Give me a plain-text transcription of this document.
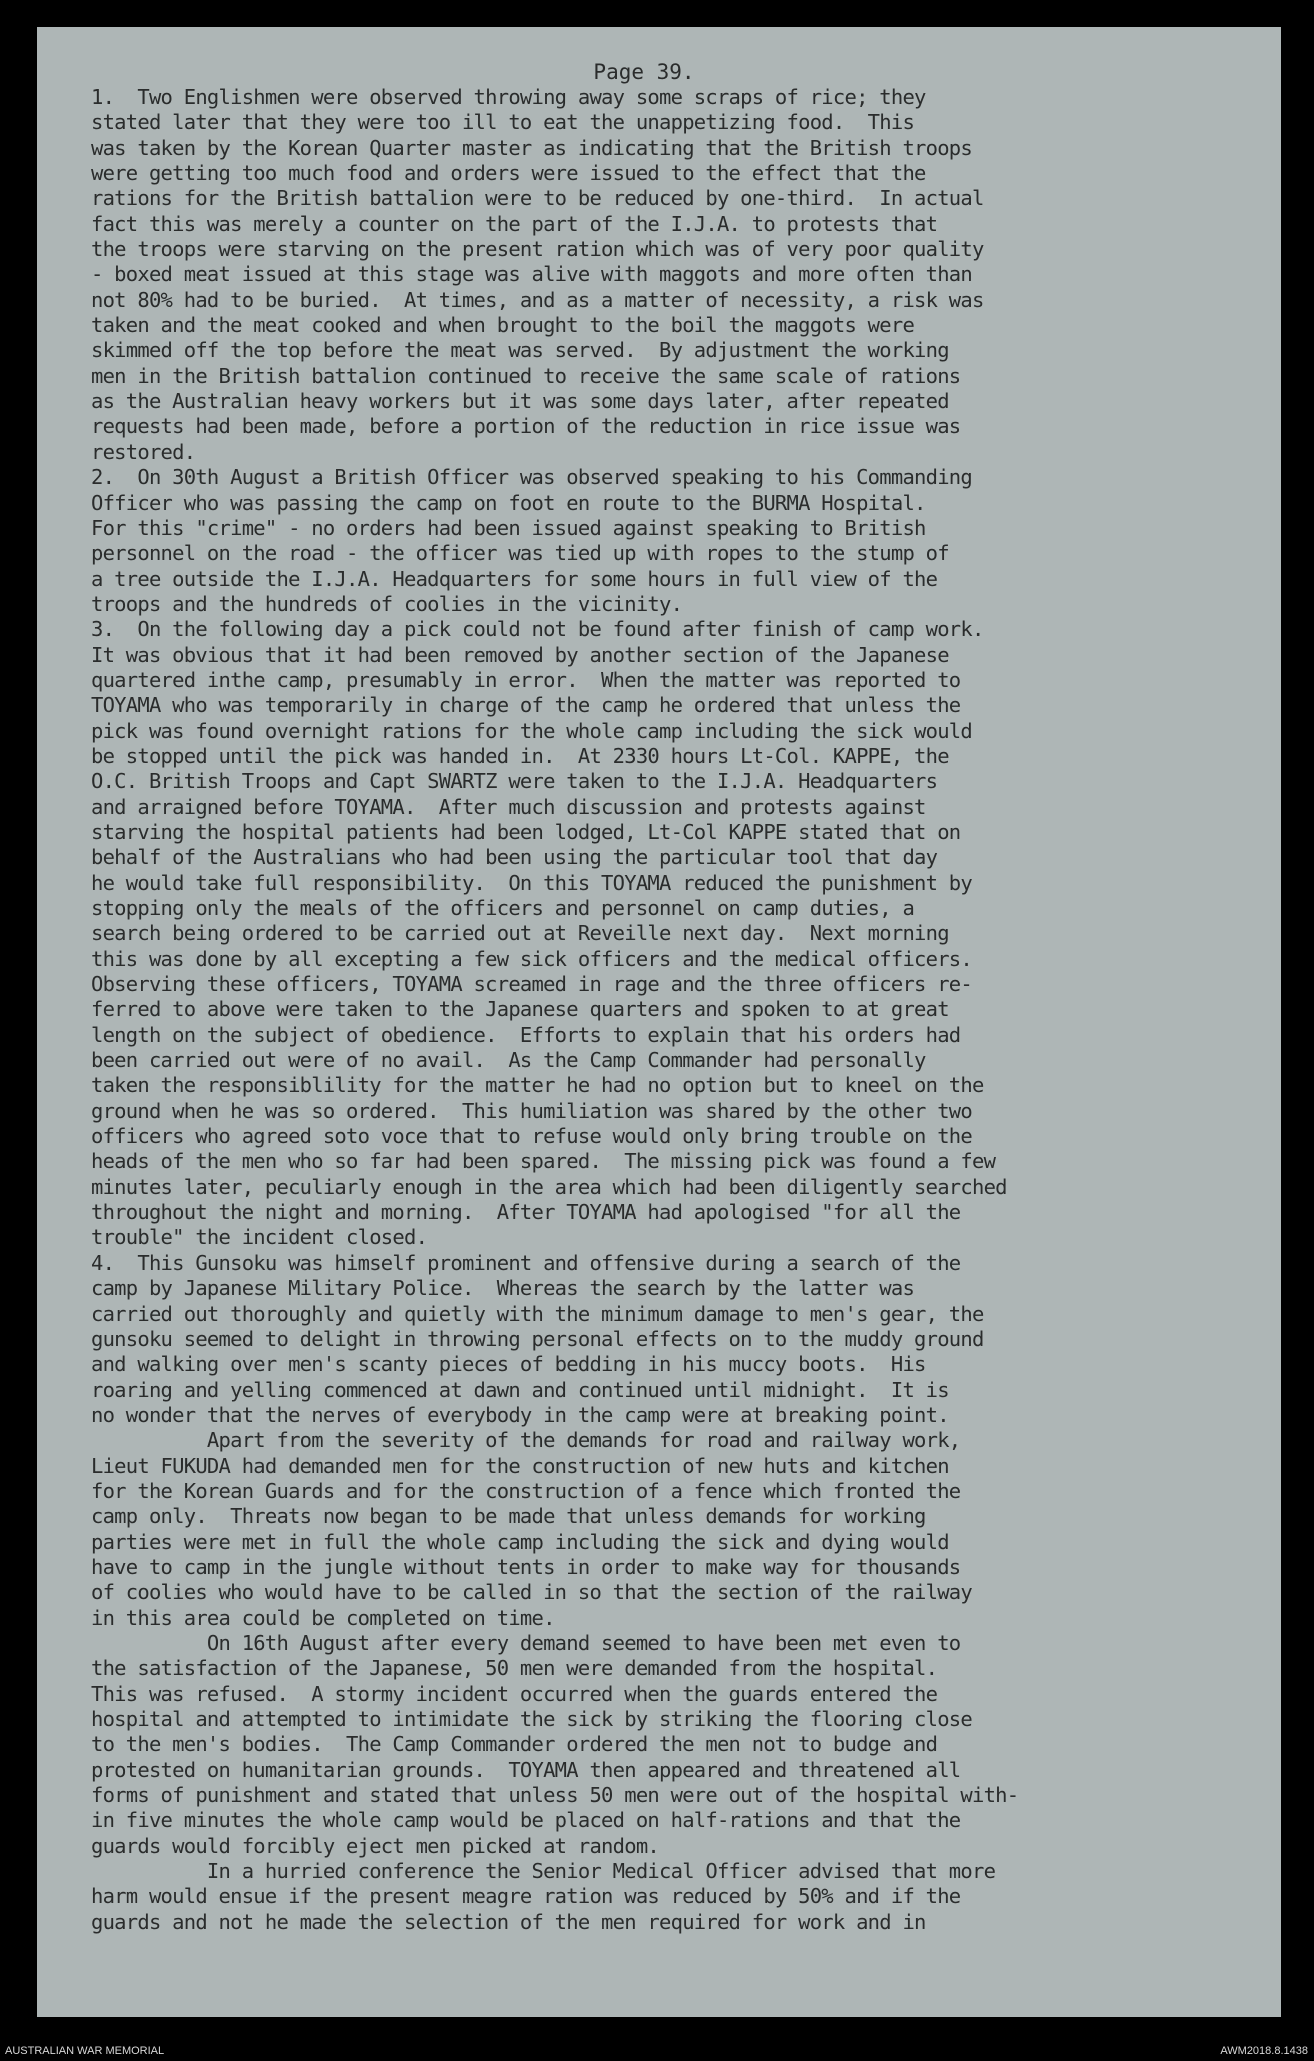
Page 39.

1.  Two Englishmen were observed throwing away some scraps of rice; they
stated later that they were too ill to eat the unappetizing food.  This
was taken by the Korean Quarter master as indicating that the British troops
were getting too much food and orders were issued to the effect that the
rations for the British battalion were to be reduced by one-third.  In actual
fact this was merely a counter on the part of the I.J.A. to protests that
the troops were starving on the present ration which was of very poor quality
- boxed meat issued at this stage was alive with maggots and more often than
not 80% had to be buried.  At times, and as a matter of necessity, a risk was
taken and the meat cooked and when brought to the boil the maggots were
skimmed off the top before the meat was served.  By adjustment the working
men in the British battalion continued to receive the same scale of rations
as the Australian heavy workers but it was some days later, after repeated
requests had been made, before a portion of the reduction in rice issue was
restored.
2.  On 30th August a British Officer was observed speaking to his Commanding
Officer who was passing the camp on foot en route to the BURMA Hospital.
For this "crime" - no orders had been issued against speaking to British
personnel on the road - the officer was tied up with ropes to the stump of
a tree outside the I.J.A. Headquarters for some hours in full view of the
troops and the hundreds of coolies in the vicinity.
3.  On the following day a pick could not be found after finish of camp work.
It was obvious that it had been removed by another section of the Japanese
quartered inthe camp, presumably in error.  When the matter was reported to
TOYAMA who was temporarily in charge of the camp he ordered that unless the
pick was found overnight rations for the whole camp including the sick would
be stopped until the pick was handed in.  At 2330 hours Lt-Col. KAPPE, the
O.C. British Troops and Capt SWARTZ were taken to the I.J.A. Headquarters
and arraigned before TOYAMA.  After much discussion and protests against
starving the hospital patients had been lodged, Lt-Col KAPPE stated that on
behalf of the Australians who had been using the particular tool that day
he would take full responsibility.  On this TOYAMA reduced the punishment by
stopping only the meals of the officers and personnel on camp duties, a
search being ordered to be carried out at Reveille next day.  Next morning
this was done by all excepting a few sick officers and the medical officers.
Observing these officers, TOYAMA screamed in rage and the three officers re-
ferred to above were taken to the Japanese quarters and spoken to at great
length on the subject of obedience.  Efforts to explain that his orders had
been carried out were of no avail.  As the Camp Commander had personally
taken the responsiblility for the matter he had no option but to kneel on the
ground when he was so ordered.  This humiliation was shared by the other two
officers who agreed soto voce that to refuse would only bring trouble on the
heads of the men who so far had been spared.  The missing pick was found a few
minutes later, peculiarly enough in the area which had been diligently searched
throughout the night and morning.  After TOYAMA had apologised "for all the
trouble" the incident closed.
4.  This Gunsoku was himself prominent and offensive during a search of the
camp by Japanese Military Police.  Whereas the search by the latter was
carried out thoroughly and quietly with the minimum damage to men's gear, the
gunsoku seemed to delight in throwing personal effects on to the muddy ground
and walking over men's scanty pieces of bedding in his muccy boots.  His
roaring and yelling commenced at dawn and continued until midnight.  It is
no wonder that the nerves of everybody in the camp were at breaking point.
Apart from the severity of the demands for road and railway work,
Lieut FUKUDA had demanded men for the construction of new huts and kitchen
for the Korean Guards and for the construction of a fence which fronted the
camp only.  Threats now began to be made that unless demands for working
parties were met in full the whole camp including the sick and dying would
have to camp in the jungle without tents in order to make way for thousands
of coolies who would have to be called in so that the section of the railway
in this area could be completed on time.
On 16th August after every demand seemed to have been met even to
the satisfaction of the Japanese, 50 men were demanded from the hospital.
This was refused.  A stormy incident occurred when the guards entered the
hospital and attempted to intimidate the sick by striking the flooring close
to the men's bodies.  The Camp Commander ordered the men not to budge and
protested on humanitarian grounds.  TOYAMA then appeared and threatened all
forms of punishment and stated that unless 50 men were out of the hospital with-
in five minutes the whole camp would be placed on half-rations and that the
guards would forcibly eject men picked at random.
In a hurried conference the Senior Medical Officer advised that more
harm would ensue if the present meagre ration was reduced by 50% and if the
guards and not he made the selection of the men required for work and in
AUSTRALIAN WAR MEMORIAL	AWM2018.8.1438
